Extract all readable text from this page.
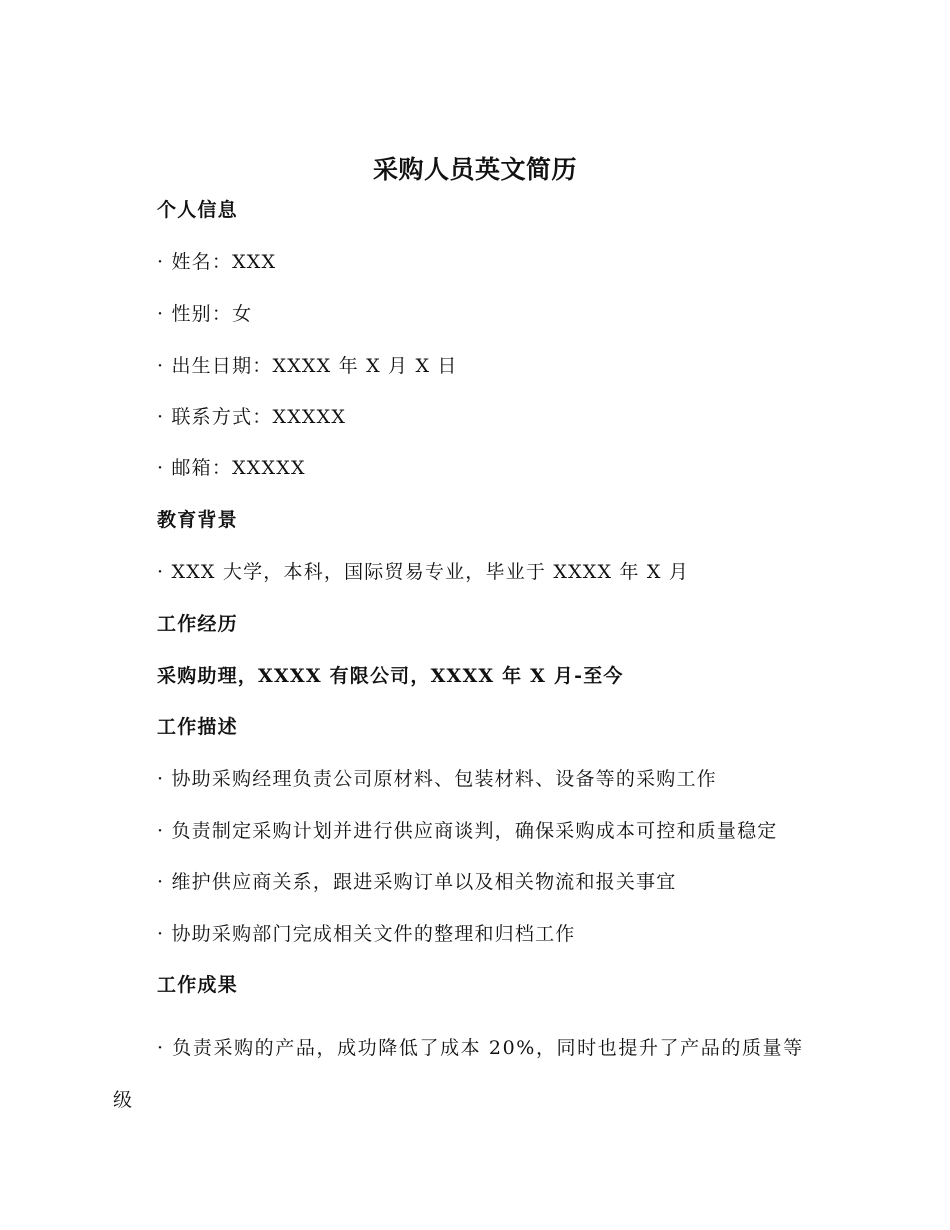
采购人员英文简历
个人信息
· 姓名：XXX
· 性别：女
· 出生日期：XXXX 年 X 月 X 日
· 联系方式：XXXXX
· 邮箱：XXXXX
教育背景
· XXX 大学，本科，国际贸易专业，毕业于 XXXX 年 X 月
工作经历
采购助理，XXXX 有限公司，XXXX 年 X 月-至今
工作描述
· 协助采购经理负责公司原材料、包装材料、设备等的采购工作
· 负责制定采购计划并进行供应商谈判，确保采购成本可控和质量稳定
· 维护供应商关系，跟进采购订单以及相关物流和报关事宜
· 协助采购部门完成相关文件的整理和归档工作
工作成果
· 负责采购的产品，成功降低了成本 20%，同时也提升了产品的质量等级
